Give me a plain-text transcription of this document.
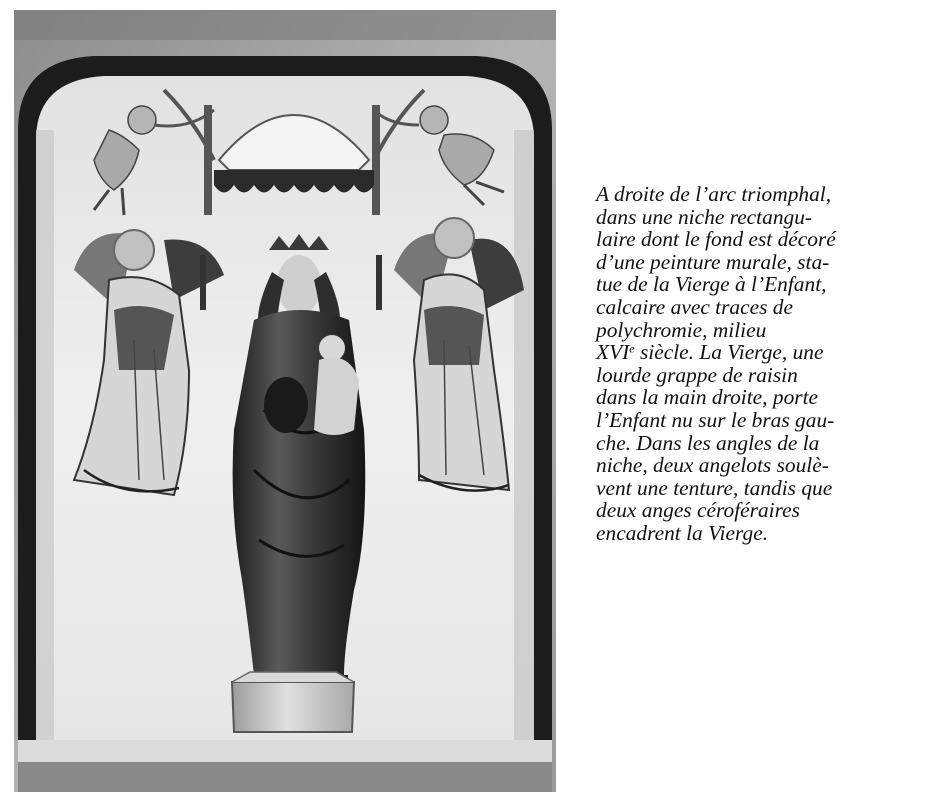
A droite de l’arc triomphal,
dans une niche rectangu-
laire dont le fond est décoré
d’une peinture murale, sta-
tue de la Vierge à l’Enfant,
calcaire avec traces de
polychromie, milieu
XVIe siècle. La Vierge, une
lourde grappe de raisin
dans la main droite, porte
l’Enfant nu sur le bras gau-
che. Dans les angles de la
niche, deux angelots soulè-
vent une tenture, tandis que
deux anges céroféraires
encadrent la Vierge.
